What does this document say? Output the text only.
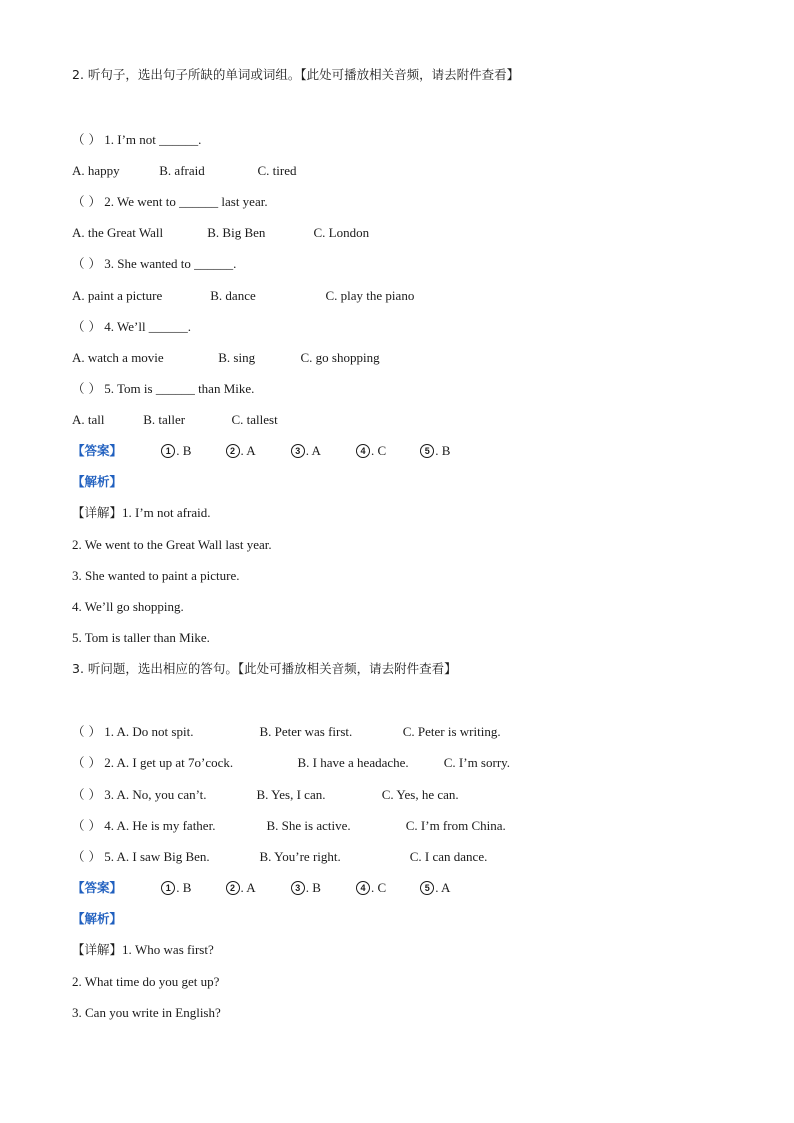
2. 听句子，选出句子所缺的单词或词组。【此处可播放相关音频，请去附件查看】
（ ） 1. I’m not ______.
A. happy	B. afraid	C. tired
（ ） 2. We went to ______ last year.
A. the Great Wall	B. Big Ben	C. London
（ ） 3. She wanted to ______.
A. paint a picture	B. dance	C. play the piano
（ ） 4. We’ll ______.
A. watch a movie	B. sing	C. go shopping
（ ） 5. Tom is ______ than Mike.
A. tall	B. taller	C. tallest
【答案】	1 . B	2 . A	3 . A	4 . C	5 . B
【解析】
【详解】1. I’m not afraid.
2. We went to the Great Wall last year.
3. She wanted to paint a picture.
4. We’ll go shopping.
5. Tom is taller than Mike.
3. 听问题，选出相应的答句。【此处可播放相关音频，请去附件查看】
（ ） 1. A. Do not spit.	B. Peter was first.	C. Peter is writing.
（ ） 2. A. I get up at 7o’cock.	B. I have a headache.	C. I’m sorry.
（ ） 3. A. No, you can’t.	B. Yes, I can.	C. Yes, he can.
（ ） 4. A. He is my father.	B. She is active.	C. I’m from China.
（ ） 5. A. I saw Big Ben.	B. You’re right.	C. I can dance.
【答案】	1 . B	2 . A	3 . B	4 . C	5 . A
【解析】
【详解】1. Who was first?
2. What time do you get up?
3. Can you write in English?
